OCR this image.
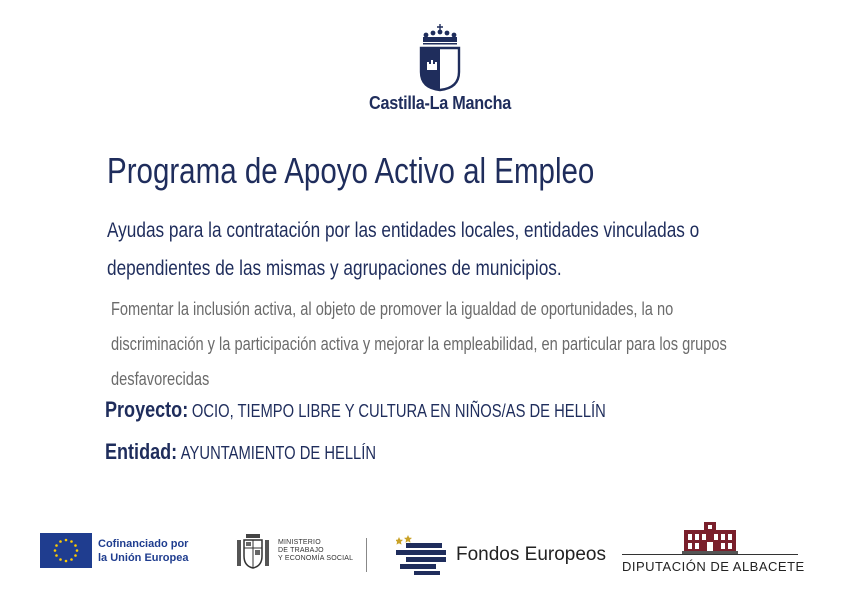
Castilla-La Mancha
Programa de Apoyo Activo al Empleo
Ayudas para la contratación por las entidades locales, entidades vinculadas o dependientes de las mismas y agrupaciones de municipios.
Fomentar la inclusión activa, al objeto de promover la igualdad de oportunidades, la no discriminación y la participación activa y mejorar la empleabilidad, en particular para los grupos desfavorecidas
Proyecto: OCIO, TIEMPO LIBRE Y CULTURA EN NIÑOS/AS DE HELLÍN
Entidad: AYUNTAMIENTO DE HELLÍN
Cofinanciado por
la Unión Europea
MINISTERIO
DE TRABAJO
Y ECONOMÍA SOCIAL	Fondos Europeos
DIPUTACIÓN DE ALBACETE
